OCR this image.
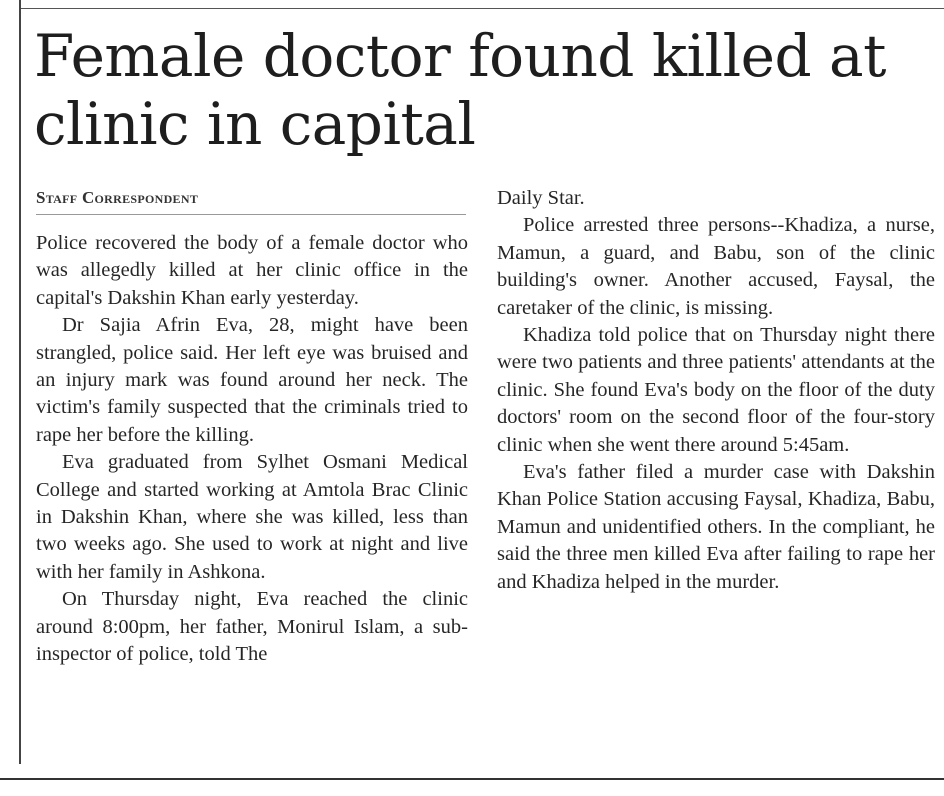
Female doctor found killed at clinic in capital
Staff Correspondent

Police recovered the body of a female doctor who was allegedly killed at her clinic office in the capital's Dakshin Khan early yesterday.

Dr Sajia Afrin Eva, 28, might have been strangled, police said. Her left eye was bruised and an injury mark was found around her neck. The victim's family suspected that the criminals tried to rape her before the killing.

Eva graduated from Sylhet Osmani Medical College and started working at Amtola Brac Clinic in Dakshin Khan, where she was killed, less than two weeks ago. She used to work at night and live with her family in Ashkona.

On Thursday night, Eva reached the clinic around 8:00pm, her father, Monirul Islam, a sub-inspector of police, told The

Daily Star.

Police arrested three persons--Khadiza, a nurse, Mamun, a guard, and Babu, son of the clinic building's owner. Another accused, Faysal, the caretaker of the clinic, is missing.

Khadiza told police that on Thursday night there were two patients and three patients' attendants at the clinic. She found Eva's body on the floor of the duty doctors' room on the second floor of the four-story clinic when she went there around 5:45am.

Eva's father filed a murder case with Dakshin Khan Police Station accusing Faysal, Khadiza, Babu, Mamun and unidentified others. In the compliant, he said the three men killed Eva after failing to rape her and Khadiza helped in the murder.
